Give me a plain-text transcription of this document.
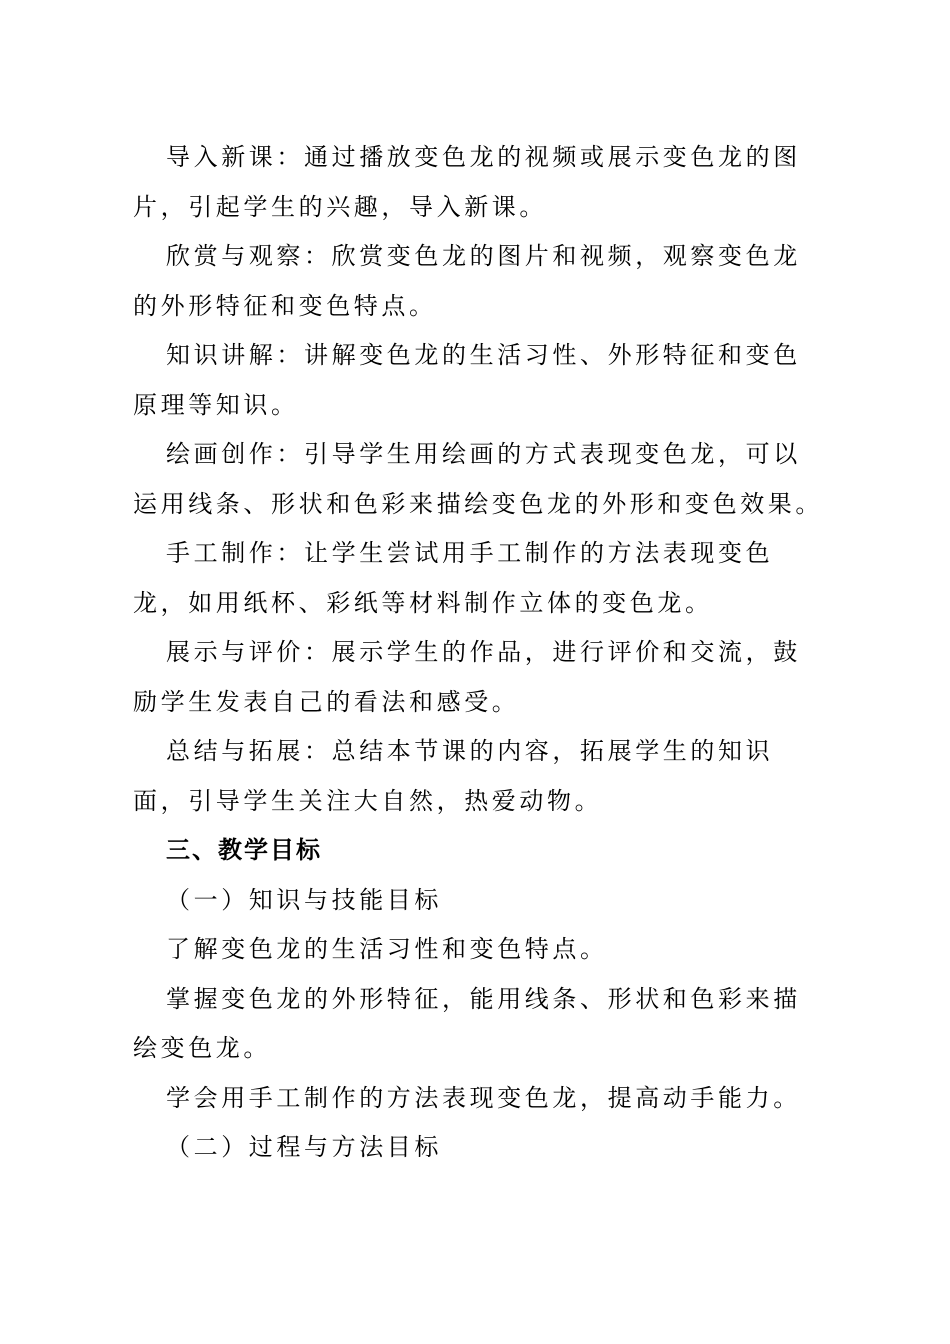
导入新课：通过播放变色龙的视频或展示变色龙的图片，引起学生的兴趣，导入新课。

欣赏与观察：欣赏变色龙的图片和视频，观察变色龙的外形特征和变色特点。

知识讲解：讲解变色龙的生活习性、外形特征和变色原理等知识。

绘画创作：引导学生用绘画的方式表现变色龙，可以运用线条、形状和色彩来描绘变色龙的外形和变色效果。

手工制作：让学生尝试用手工制作的方法表现变色龙，如用纸杯、彩纸等材料制作立体的变色龙。

展示与评价：展示学生的作品，进行评价和交流，鼓励学生发表自己的看法和感受。

总结与拓展：总结本节课的内容，拓展学生的知识面，引导学生关注大自然，热爱动物。

三、教学目标

（一）知识与技能目标

了解变色龙的生活习性和变色特点。

掌握变色龙的外形特征，能用线条、形状和色彩来描绘变色龙。

学会用手工制作的方法表现变色龙，提高动手能力。

（二）过程与方法目标
